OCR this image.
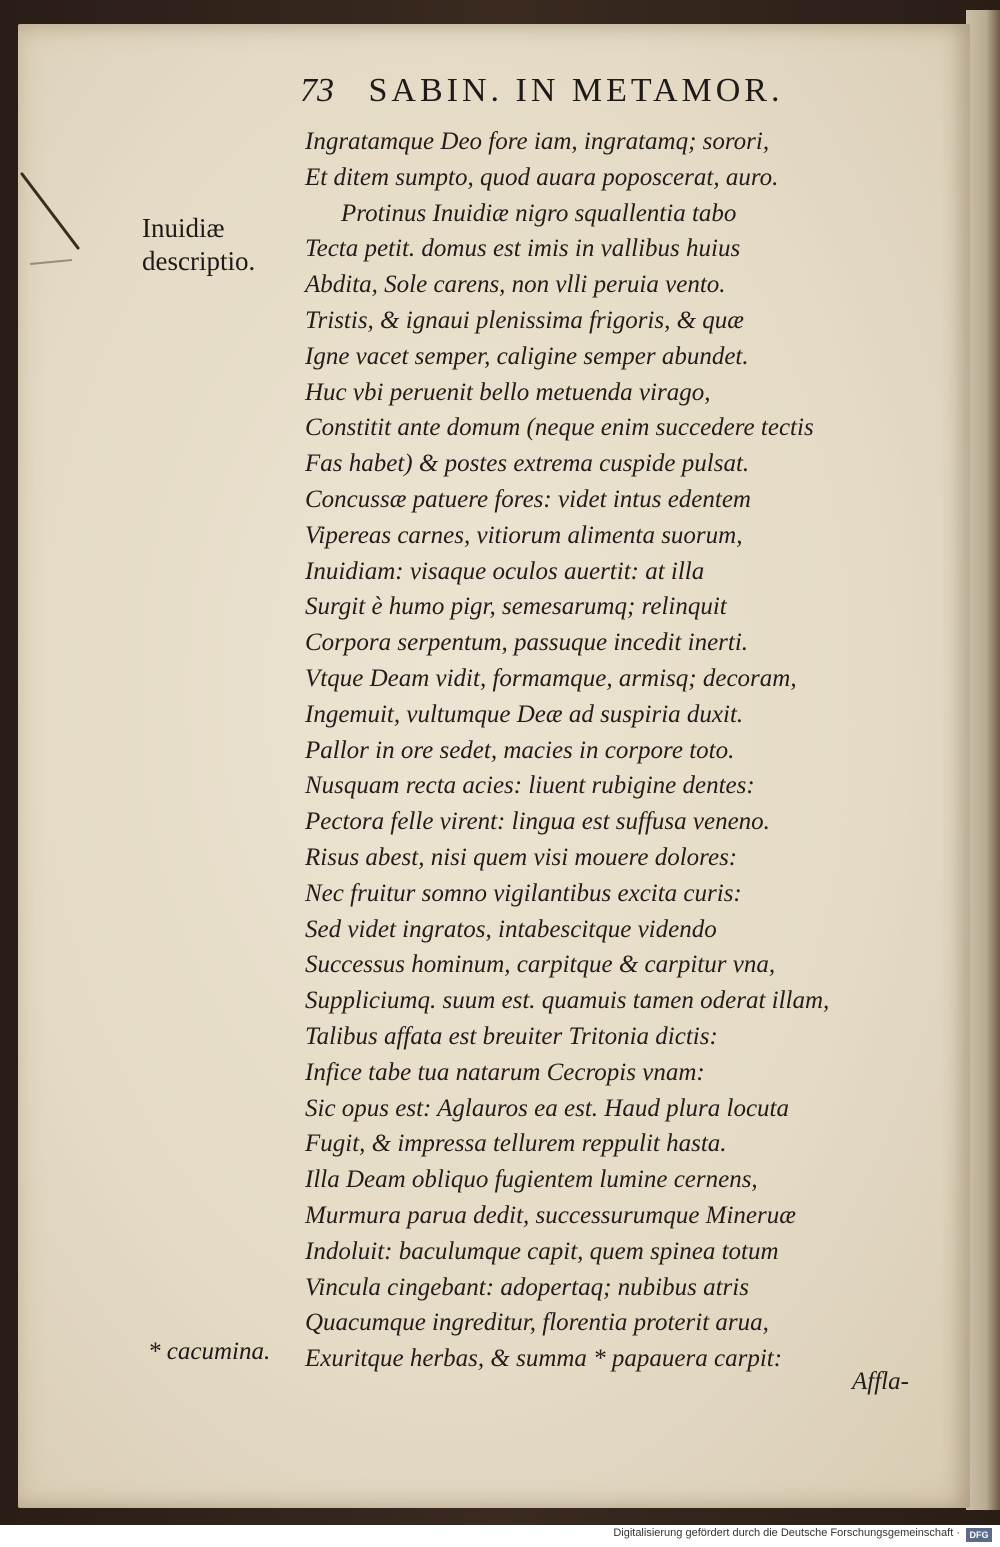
73 SABIN. IN METAMOR.
Inuidiæ descriptio.
Ingratamque Deo fore iam, ingratamq; sorori,
Et ditem sumpto, quod auara poposcerat, auro.
Protinus Inuidiæ nigro squallentia tabo
Tecta petit. domus est imis in vallibus huius
Abdita, Sole carens, non vlli peruia vento.
Tristis, & ignaui plenissima frigoris, & quæ
Igne vacet semper, caligine semper abundet.
Huc vbi peruenit bello metuenda virago,
Constitit ante domum (neque enim succedere tectis
Fas habet) & postes extrema cuspide pulsat.
Concussæ patuere fores: videt intus edentem
Vipereas carnes, vitiorum alimenta suorum,
Inuidiam: visaque oculos auertit: at illa
Surgit è humo pigr, semesarumq; relinquit
Corpora serpentum, passuque incedit inerti.
Vtque Deam vidit, formamque, armisq; decoram,
Ingemuit, vultumque Deæ ad suspiria duxit.
Pallor in ore sedet, macies in corpore toto.
Nusquam recta acies: liuent rubigine dentes:
Pectora felle virent: lingua est suffusa veneno.
Risus abest, nisi quem visi mouere dolores:
Nec fruitur somno vigilantibus excita curis:
Sed videt ingratos, intabescitque videndo
Successus hominum, carpitque & carpitur vna,
Suppliciumq. suum est. quamuis tamen oderat illam,
Talibus affata est breuiter Tritonia dictis:
Infice tabe tua natarum Cecropis vnam:
Sic opus est: Aglauros ea est. Haud plura locuta
Fugit, & impressa tellurem reppulit hasta.
Illa Deam obliquo fugientem lumine cernens,
Murmura parua dedit, successurumque Mineruæ
Indoluit: baculumque capit, quem spinea totum
Vincula cingebant: adopertaq; nubibus atris
Quacumque ingreditur, florentia proterit arua,
Exuritque herbas, & summa * papauera carpit:
* cacumina.
Affla-
Digitalisierung gefördert durch die Deutsche Forschungsgemeinschaft ·	DFG
